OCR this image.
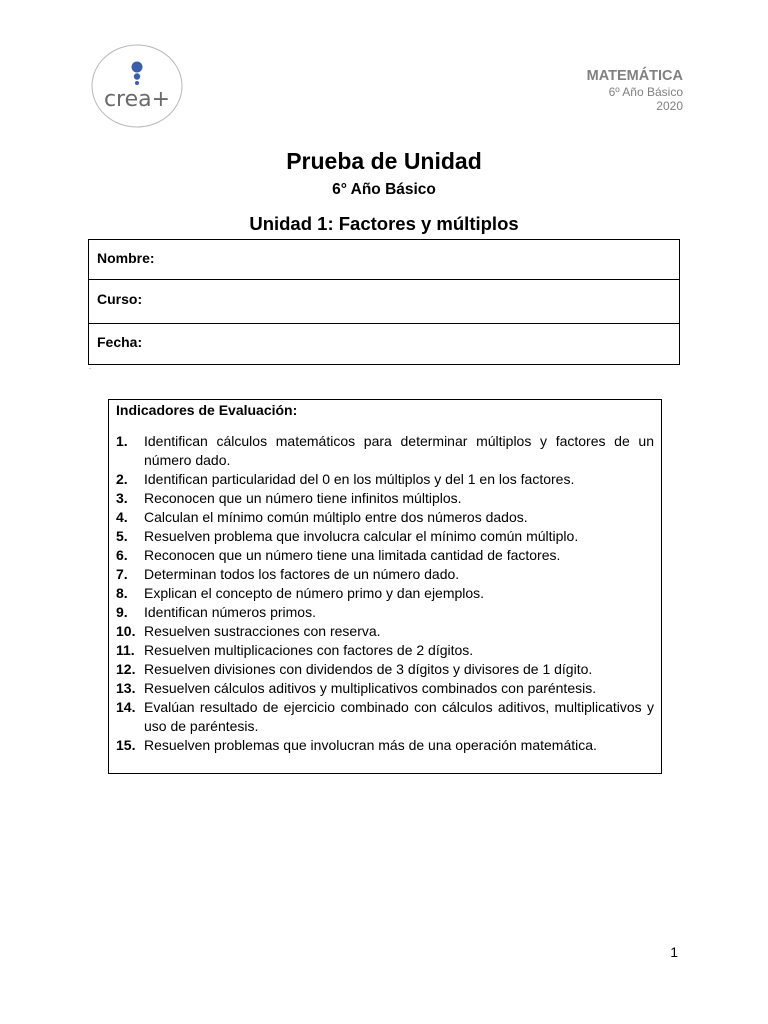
crea+
MATEMÁTICA
6º Año Básico
2020
Prueba de Unidad
6° Año Básico
Unidad 1: Factores y múltiplos
Nombre:
Curso:
Fecha:
·
Indicadores de Evaluación:
1. Identifican cálculos matemáticos para determinar múltiplos y factores de un número dado.
2. Identifican particularidad del 0 en los múltiplos y del 1 en los factores.
3. Reconocen que un número tiene infinitos múltiplos.
4. Calculan el mínimo común múltiplo entre dos números dados.
5. Resuelven problema que involucra calcular el mínimo común múltiplo.
6. Reconocen que un número tiene una limitada cantidad de factores.
7. Determinan todos los factores de un número dado.
8. Explican el concepto de número primo y dan ejemplos.
9. Identifican números primos.
10. Resuelven sustracciones con reserva.
11. Resuelven multiplicaciones con factores de 2 dígitos.
12. Resuelven divisiones con dividendos de 3 dígitos y divisores de 1 dígito.
13. Resuelven cálculos aditivos y multiplicativos combinados con paréntesis.
14. Evalúan resultado de ejercicio combinado con cálculos aditivos, multiplicativos y uso de paréntesis.
15. Resuelven problemas que involucran más de una operación matemática.
1
